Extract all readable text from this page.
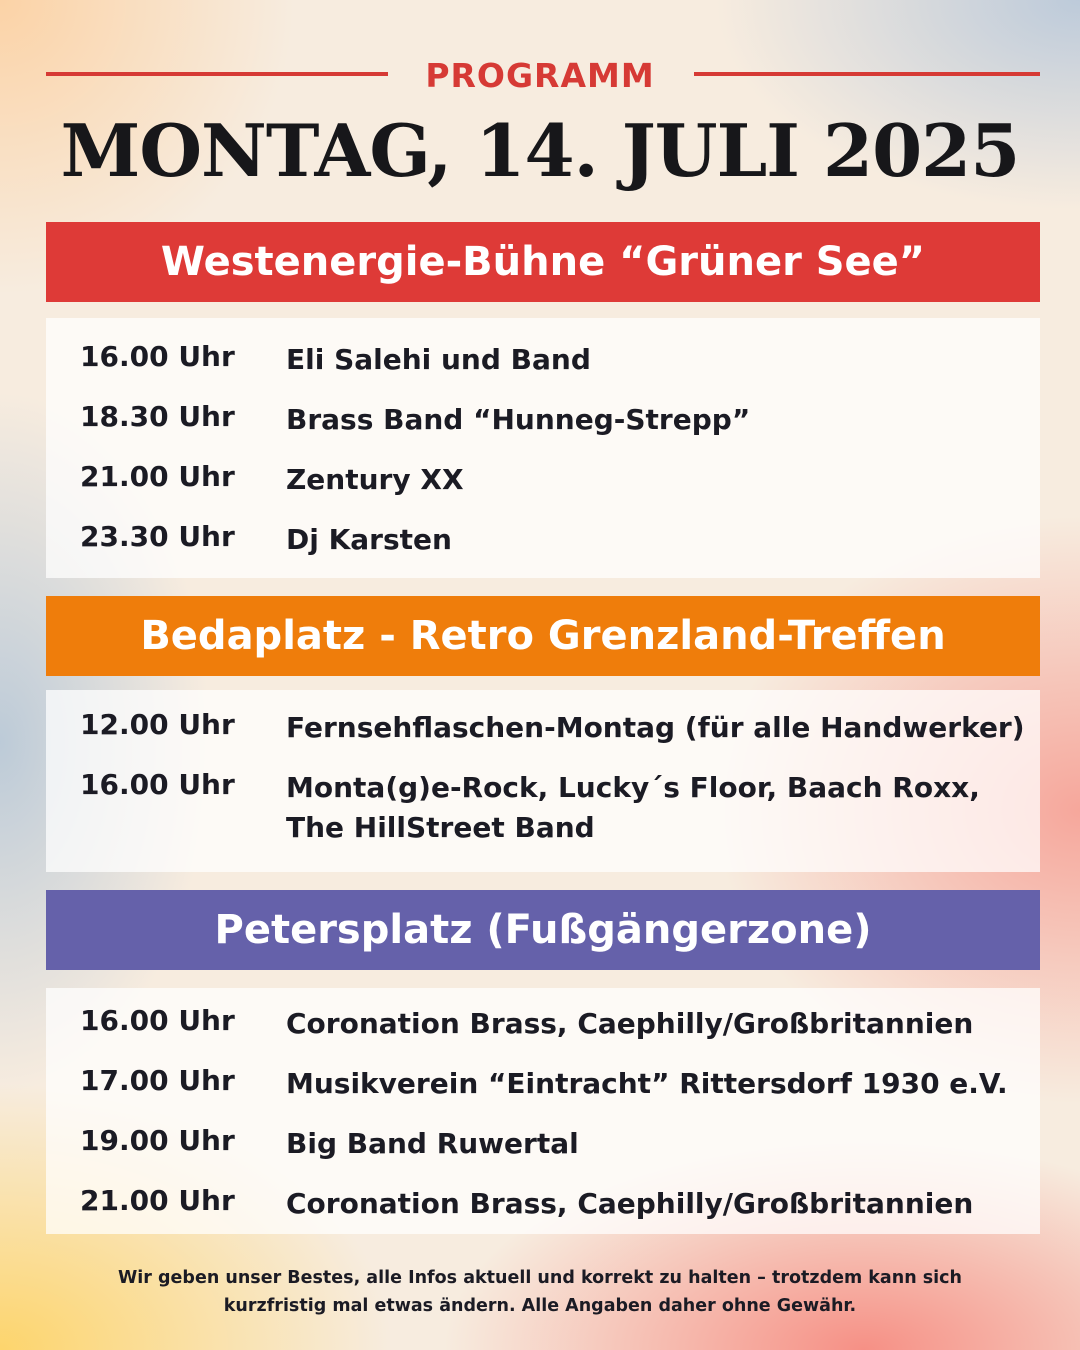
PROGRAMM
MONTAG, 14. JULI 2025
Westenergie-Bühne “Grüner See”
16.00 Uhr Eli Salehi und Band
18.30 Uhr Brass Band “Hunneg-Strepp”
21.00 Uhr Zentury XX
23.30 Uhr Dj Karsten
Bedaplatz - Retro Grenzland-Treffen
12.00 Uhr Fernsehflaschen-Montag (für alle Handwerker)
16.00 Uhr Monta(g)e-Rock, Lucky´s Floor, Baach Roxx,
The HillStreet Band
Petersplatz (Fußgängerzone)
16.00 Uhr Coronation Brass, Caephilly/Großbritannien
17.00 Uhr Musikverein “Eintracht” Rittersdorf 1930 e.V.
19.00 Uhr Big Band Ruwertal
21.00 Uhr Coronation Brass, Caephilly/Großbritannien
Wir geben unser Bestes, alle Infos aktuell und korrekt zu halten – trotzdem kann sich
kurzfristig mal etwas ändern. Alle Angaben daher ohne Gewähr.
